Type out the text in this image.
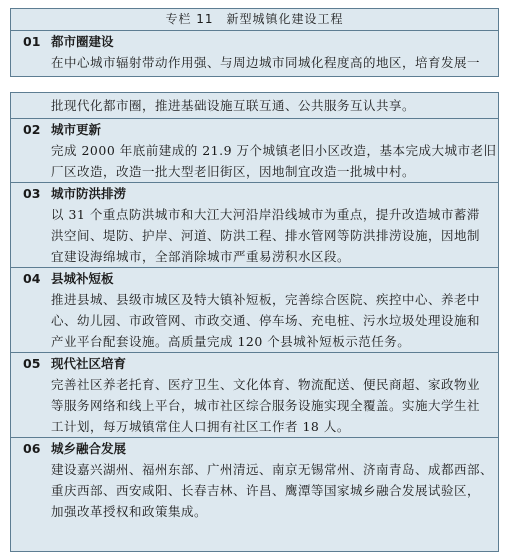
专栏 11　新型城镇化建设工程
01 都市圈建设
在中心城市辐射带动作用强、与周边城市同城化程度高的地区，培育发展一
批现代化都市圈，推进基础设施互联互通、公共服务互认共享。
02 城市更新
完成 2000 年底前建成的 21.9 万个城镇老旧小区改造，基本完成大城市老旧
厂区改造，改造一批大型老旧街区，因地制宜改造一批城中村。
03 城市防洪排涝
以 31 个重点防洪城市和大江大河沿岸沿线城市为重点，提升改造城市蓄滞
洪空间、堤防、护岸、河道、防洪工程、排水管网等防洪排涝设施，因地制
宜建设海绵城市，全部消除城市严重易涝积水区段。
04 县城补短板
推进县城、县级市城区及特大镇补短板，完善综合医院、疾控中心、养老中
心、幼儿园、市政管网、市政交通、停车场、充电桩、污水垃圾处理设施和
产业平台配套设施。高质量完成 120 个县城补短板示范任务。
05 现代社区培育
完善社区养老托育、医疗卫生、文化体育、物流配送、便民商超、家政物业
等服务网络和线上平台，城市社区综合服务设施实现全覆盖。实施大学生社
工计划，每万城镇常住人口拥有社区工作者 18 人。
06 城乡融合发展
建设嘉兴湖州、福州东部、广州清远、南京无锡常州、济南青岛、成都西部、
重庆西部、西安咸阳、长春吉林、许昌、鹰潭等国家城乡融合发展试验区，
加强改革授权和政策集成。
